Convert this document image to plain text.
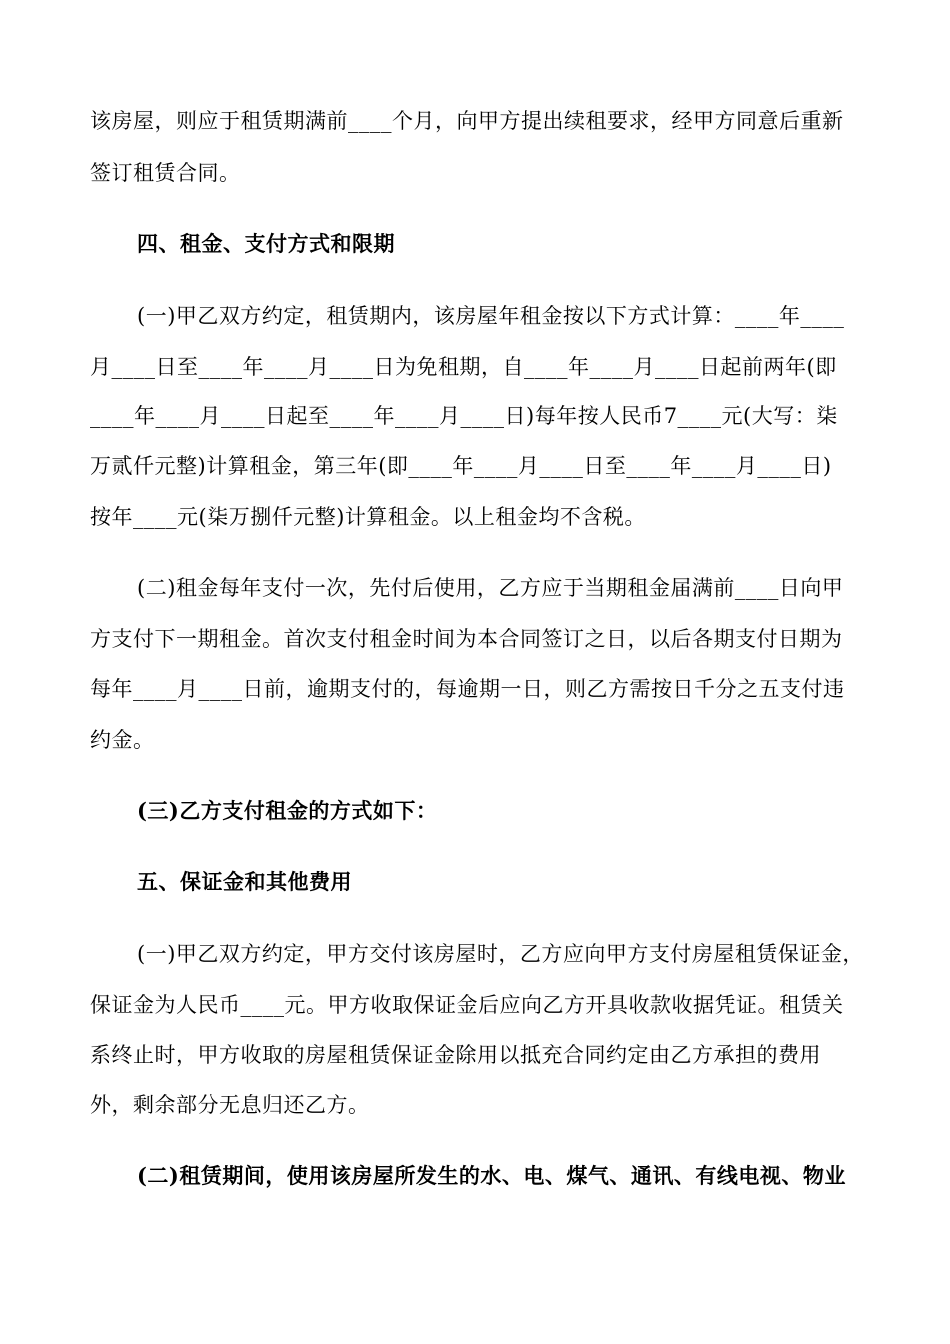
该房屋，则应于租赁期满前____个月，向甲方提出续租要求，经甲方同意后重新
签订租赁合同。
四、租金、支付方式和限期
(一)甲乙双方约定，租赁期内，该房屋年租金按以下方式计算：____年____
月____日至____年____月____日为免租期，自____年____月____日起前两年(即
____年____月____日起至____年____月____日)每年按人民币7____元(大写：柒
万贰仟元整)计算租金，第三年(即____年____月____日至____年____月____日)
按年____元(柒万捌仟元整)计算租金。以上租金均不含税。
(二)租金每年支付一次，先付后使用，乙方应于当期租金届满前____日向甲
方支付下一期租金。首次支付租金时间为本合同签订之日，以后各期支付日期为
每年____月____日前，逾期支付的，每逾期一日，则乙方需按日千分之五支付违
约金。
(三)乙方支付租金的方式如下：
五、保证金和其他费用
(一)甲乙双方约定，甲方交付该房屋时，乙方应向甲方支付房屋租赁保证金，
保证金为人民币____元。甲方收取保证金后应向乙方开具收款收据凭证。租赁关
系终止时，甲方收取的房屋租赁保证金除用以抵充合同约定由乙方承担的费用
外，剩余部分无息归还乙方。
(二)租赁期间，使用该房屋所发生的水、电、煤气、通讯、有线电视、物业
